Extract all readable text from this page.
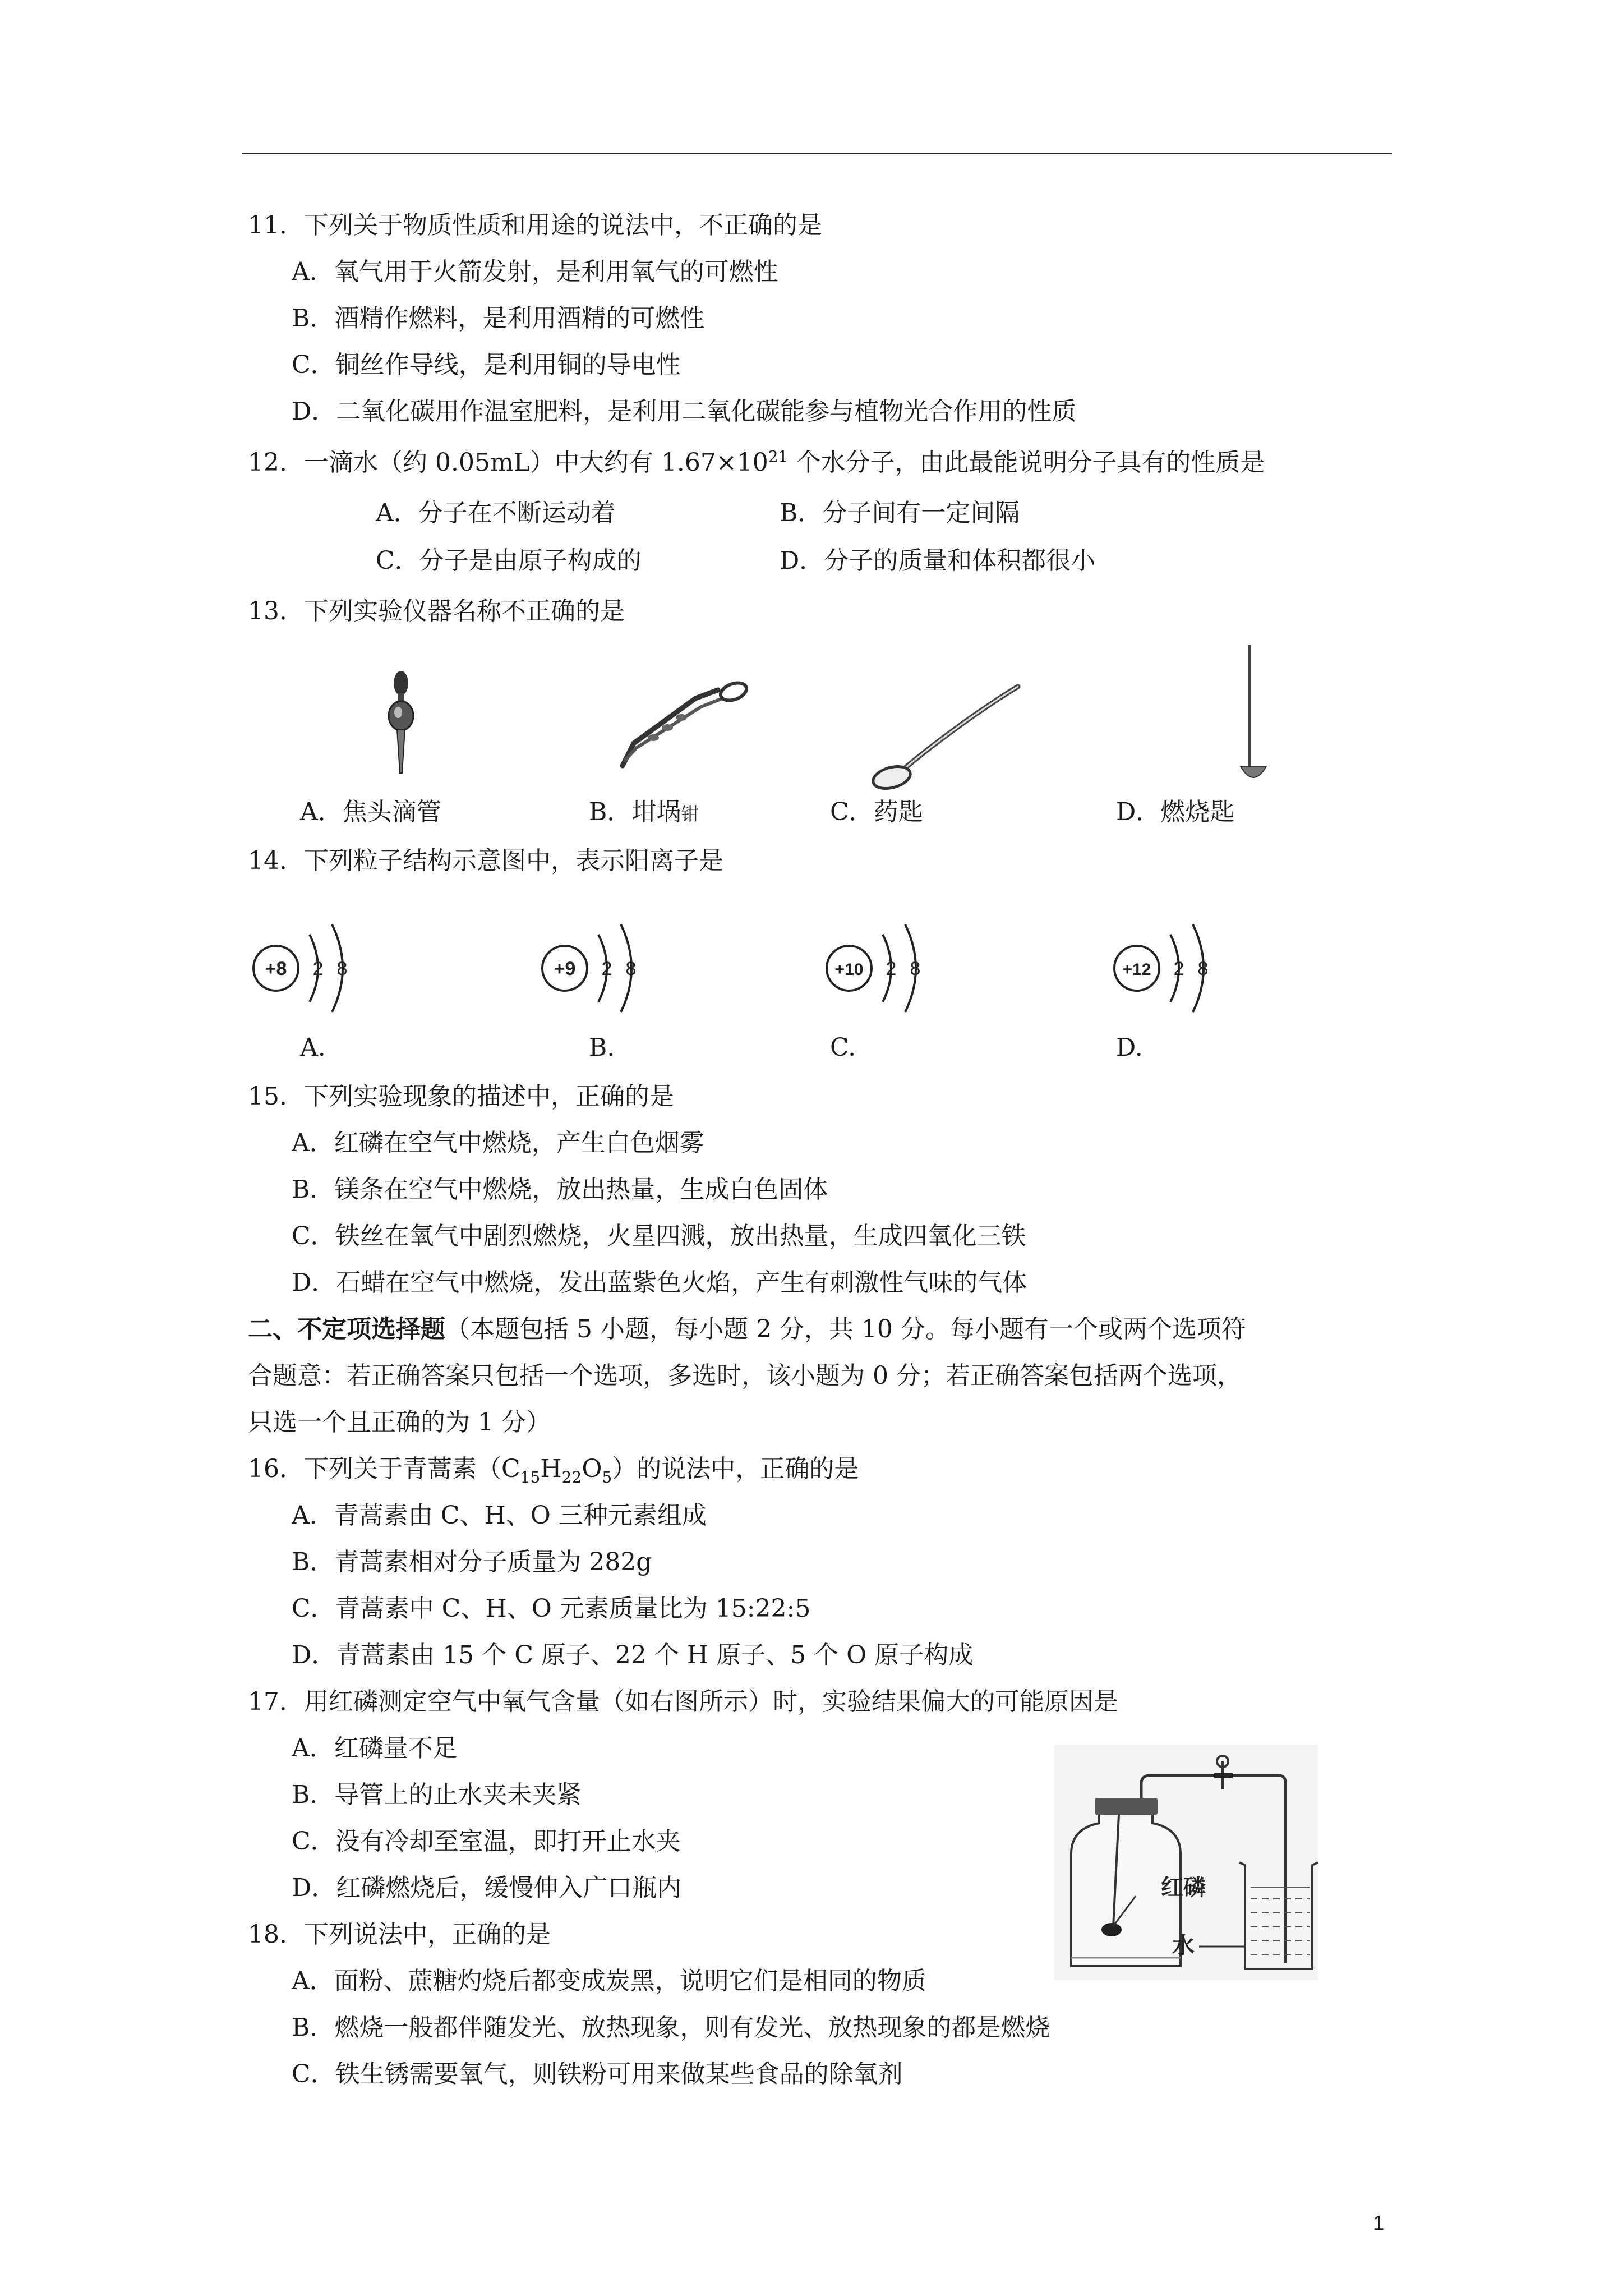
11．下列关于物质性质和用途的说法中，不正确的是
A．氧气用于火箭发射，是利用氧气的可燃性
B．酒精作燃料，是利用酒精的可燃性
C．铜丝作导线，是利用铜的导电性
D．二氧化碳用作温室肥料，是利用二氧化碳能参与植物光合作用的性质
12．一滴水（约 0.05mL）中大约有 $1.67\times 10^{21}$ 个水分子，由此最能说明分子具有的性质是
A．分子在不断运动着	B．分子间有一定间隔
C．分子是由原子构成的	D．分子的质量和体积都很小
13．下列实验仪器名称不正确的是
A．焦头滴管	B．坩埚钳	C．药匙	D．燃烧匙
14．下列粒子结构示意图中，表示阳离子是
+8 2 8	+9 2 8	+10 2 8	+12 2 8
A.	B.	C.	D.
15．下列实验现象的描述中，正确的是
A．红磷在空气中燃烧，产生白色烟雾
B．镁条在空气中燃烧，放出热量，生成白色固体
C．铁丝在氧气中剧烈燃烧，火星四溅，放出热量，生成四氧化三铁
D．石蜡在空气中燃烧，发出蓝紫色火焰，产生有刺激性气味的气体
二、不定项选择题（本题包括 5 小题，每小题 2 分，共 10 分。每小题有一个或两个选项符
合题意：若正确答案只包括一个选项，多选时，该小题为 0 分；若正确答案包括两个选项，
只选一个且正确的为 1 分）
16．下列关于青蒿素$(C_{15}H_{22}O_5)$的说法中，正确的是
A．青蒿素由 C、H、O 三种元素组成
B．青蒿素相对分子质量为 282g
C．青蒿素中 C、H、O 元素质量比为 15:22:5
D．青蒿素由 15 个 C 原子、22 个 H 原子、5 个 O 原子构成
17．用红磷测定空气中氧气含量（如右图所示）时，实验结果偏大的可能原因是
A．红磷量不足
B．导管上的止水夹未夹紧
C．没有冷却至室温，即打开止水夹
D．红磷燃烧后，缓慢伸入广口瓶内	红磷
水
18．下列说法中，正确的是
A．面粉、蔗糖灼烧后都变成炭黑，说明它们是相同的物质
B．燃烧一般都伴随发光、放热现象，则有发光、放热现象的都是燃烧
C．铁生锈需要氧气，则铁粉可用来做某些食品的除氧剂
1
